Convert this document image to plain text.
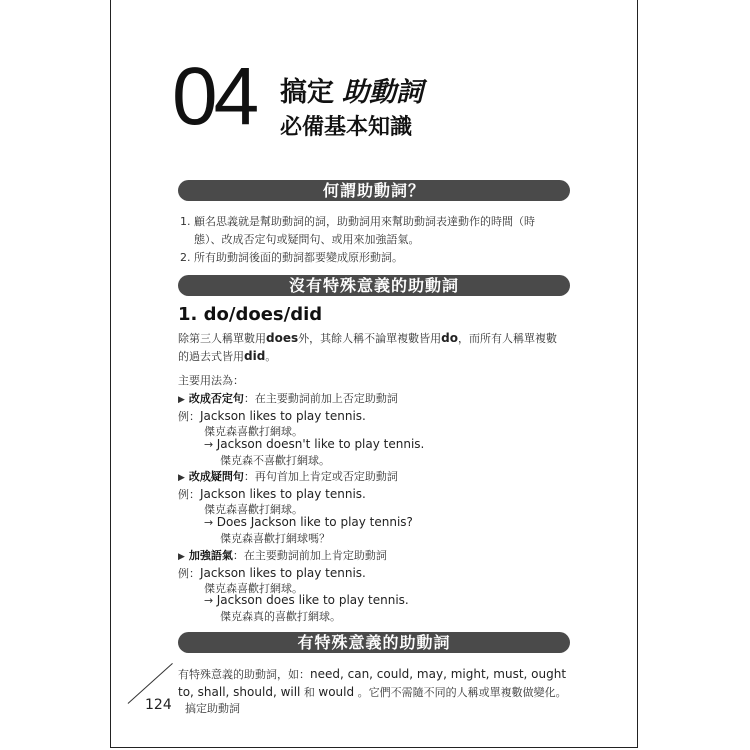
04 搞定 助動詞
必備基本知識
何謂助動詞？
1. 顧名思義就是幫助動詞的詞，助動詞用來幫助動詞表達動作的時間（時
態）、改成否定句或疑問句、或用來加強語氣。
2. 所有助動詞後面的動詞都要變成原形動詞。
沒有特殊意義的助動詞
1. do/does/did
除第三人稱單數用does外，其餘人稱不論單複數皆用do，而所有人稱單複數
的過去式皆用did。
主要用法為：
▶ 改成否定句：在主要動詞前加上否定助動詞
例：Jackson likes to play tennis.
傑克森喜歡打網球。
→ Jackson doesn't like to play tennis.
傑克森不喜歡打網球。
▶ 改成疑問句：再句首加上肯定或否定助動詞
例：Jackson likes to play tennis.
傑克森喜歡打網球。
→ Does Jackson like to play tennis?
傑克森喜歡打網球嗎？
▶ 加強語氣：在主要動詞前加上肯定助動詞
例：Jackson likes to play tennis.
傑克森喜歡打網球。
→ Jackson does like to play tennis.
傑克森真的喜歡打網球。
有特殊意義的助動詞
有特殊意義的助動詞，如：need, can, could, may, might, must, ought
to, shall, should, will 和 would 。它們不需隨不同的人稱或單複數做變化。
124 搞定助動詞
